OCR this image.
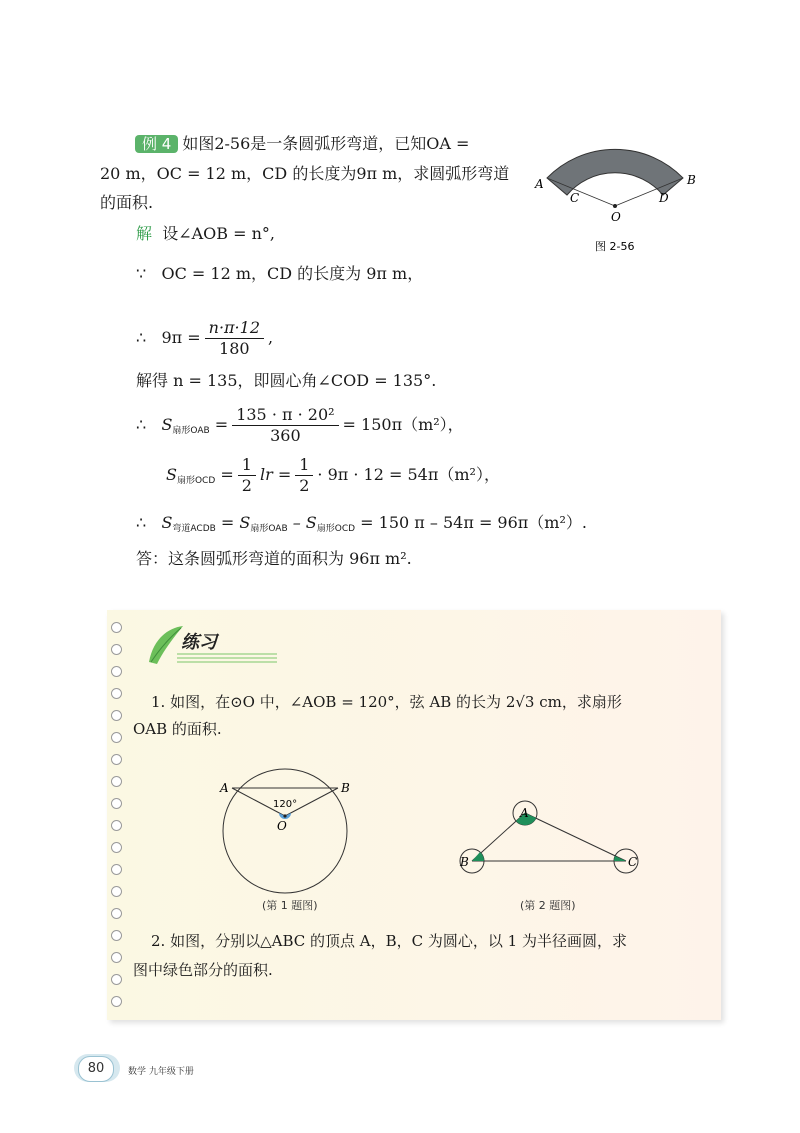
例 4 如图2-56是一条圆弧形弯道，已知OA =
20 m，OC = 12 m，CD 的长度为9π m，求圆弧形弯道
的面积.
A	B
C	D
O
图 2-56
解 设∠AOB = n°,
∵ OC = 12 m，CD 的长度为 9π m，
∴ $9\pi = \frac{n\cdot\pi\cdot 12}{180}$ ,
解得 n = 135，即圆心角∠COD = 135°.
∴ S扇形OAB = $\frac{\text{135 · π · 20²}}{360} = 150\pi(m^2)$，
S扇形OCD = $\frac{1}{2}$ lr = $\frac{1}{2} \cdot 9\pi \cdot 12 = 54\pi(m^2)$，
∴ S弯道ACDB = S扇形OAB – S扇形OCD = 150 π – 54π = 96π（m²）.
答：这条圆弧形弯道的面积为 96π m².
练习
1. 如图，在⊙O 中，∠AOB = 120°，弦 AB 的长为 2√3 cm，求扇形
OAB 的面积.
120°
A	B
O
(第 1 题图)
A
B	C
(第 2 题图)
2. 如图，分别以△ABC 的顶点 A，B，C 为圆心，以 1 为半径画圆，求
图中绿色部分的面积.
80	数学 九年级下册
